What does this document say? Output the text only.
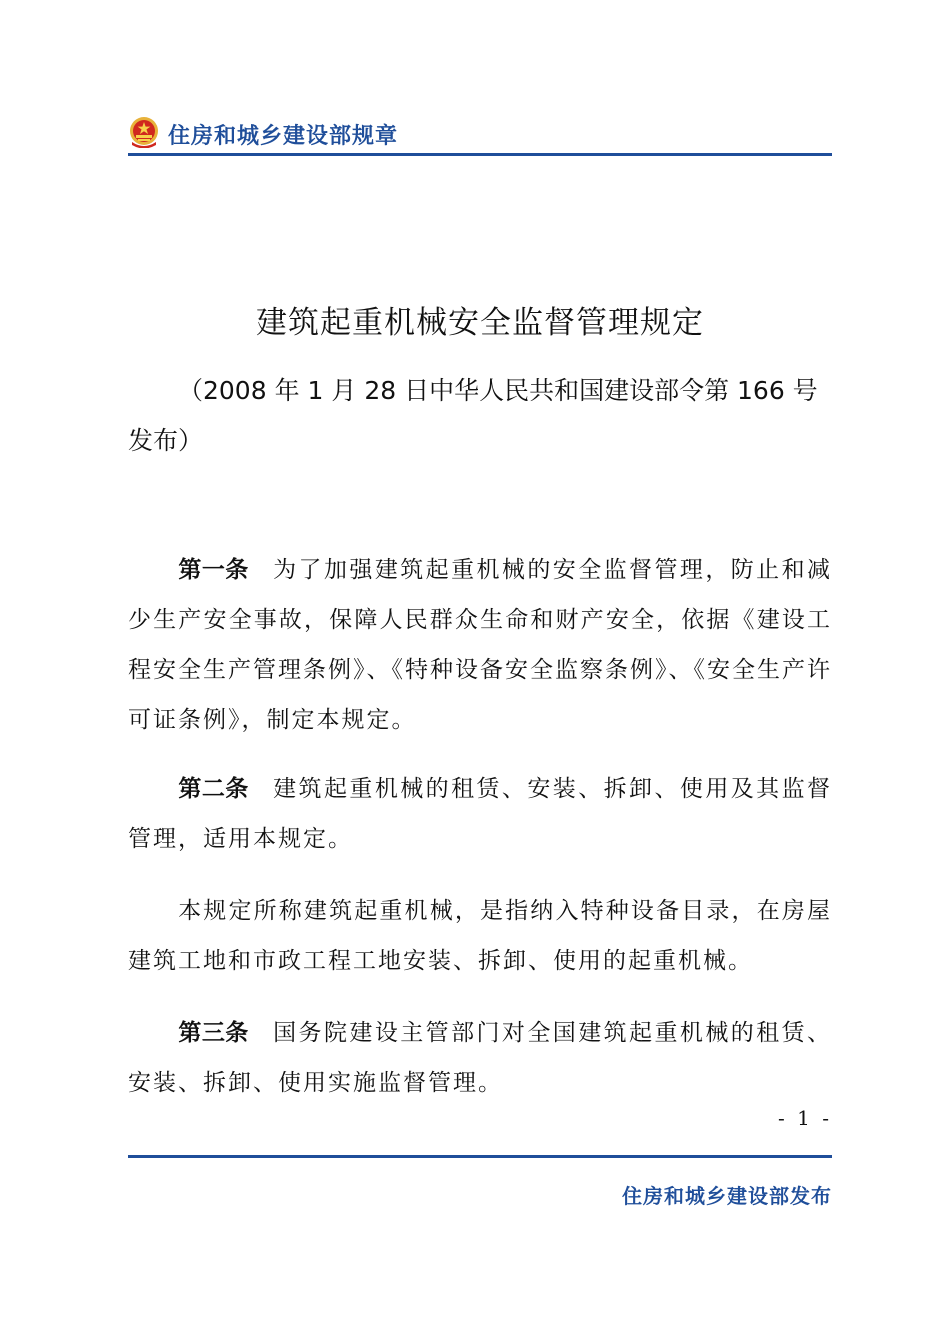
住房和城乡建设部规章
建筑起重机械安全监督管理规定
（2008 年 1 月 28 日中华人民共和国建设部令第 166 号发布）
第一条 为了加强建筑起重机械的安全监督管理，防止和减少生产安全事故，保障人民群众生命和财产安全，依据《建设工程安全生产管理条例》、《特种设备安全监察条例》、《安全生产许可证条例》，制定本规定。
第二条 建筑起重机械的租赁、安装、拆卸、使用及其监督管理，适用本规定。
本规定所称建筑起重机械，是指纳入特种设备目录，在房屋建筑工地和市政工程工地安装、拆卸、使用的起重机械。
第三条 国务院建设主管部门对全国建筑起重机械的租赁、安装、拆卸、使用实施监督管理。
- 1 -
住房和城乡建设部发布
